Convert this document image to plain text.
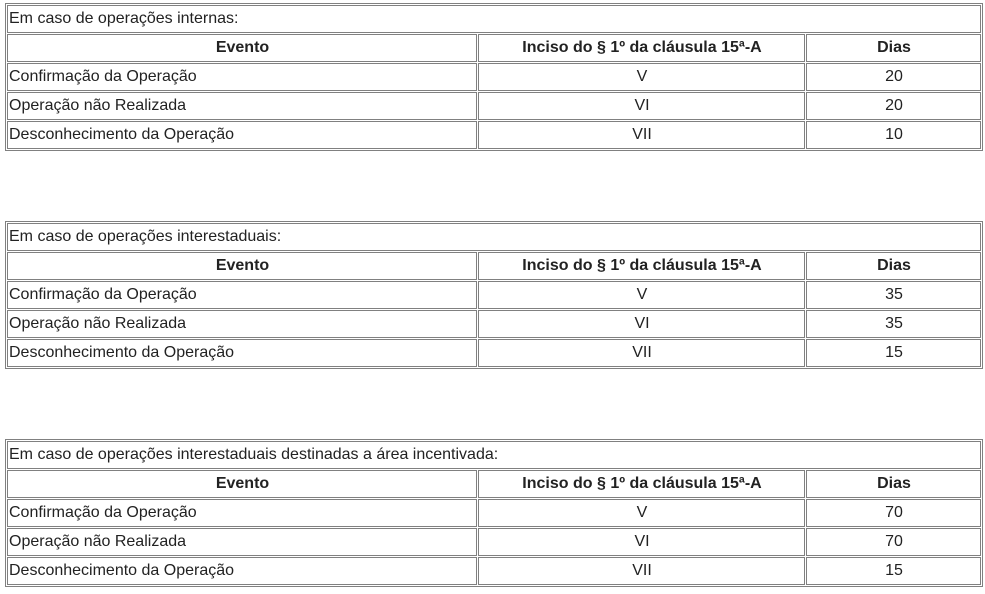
Em caso de operações internas:		
Evento	Inciso do § 1º da cláusula 15ª-A	Dias
Confirmação da Operação	V	20
Operação não Realizada	VI	20
Desconhecimento da Operação	VII	10
Em caso de operações interestaduais:		
Evento	Inciso do § 1º da cláusula 15ª-A	Dias
Confirmação da Operação	V	35
Operação não Realizada	VI	35
Desconhecimento da Operação	VII	15
Em caso de operações interestaduais destinadas a área incentivada:		
Evento	Inciso do § 1º da cláusula 15ª-A	Dias
Confirmação da Operação	V	70
Operação não Realizada	VI	70
Desconhecimento da Operação	VII	15
